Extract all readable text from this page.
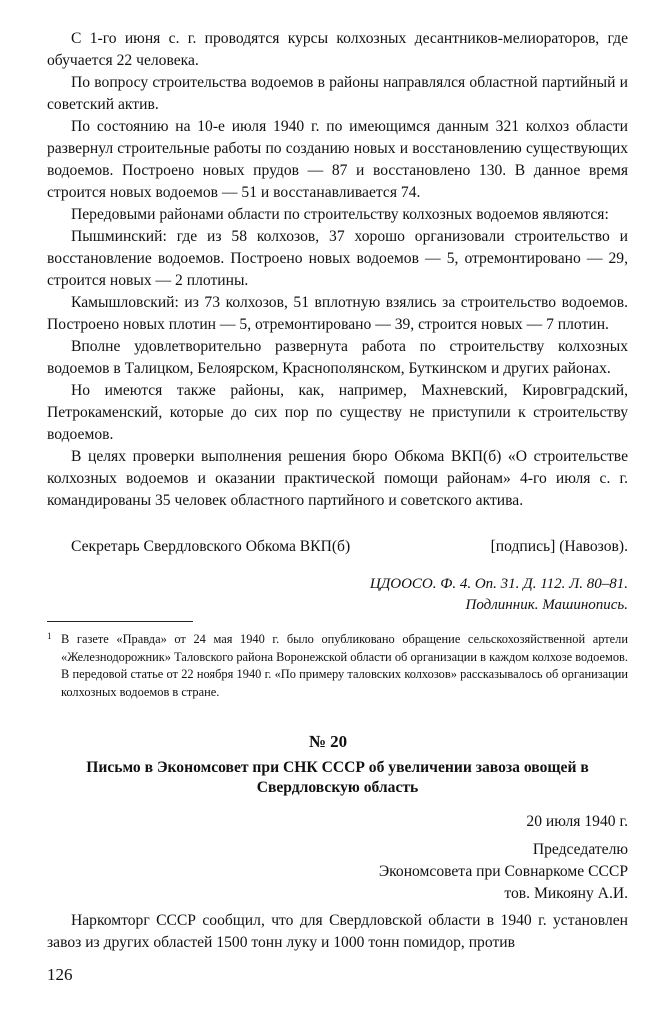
С 1-го июня с. г. проводятся курсы колхозных десантников-мелиораторов, где обучается 22 человека.

По вопросу строительства водоемов в районы направлялся областной партийный и советский актив.

По состоянию на 10-е июля 1940 г. по имеющимся данным 321 колхоз области развернул строительные работы по созданию новых и восстановлению существующих водоемов. Построено новых прудов — 87 и восстановлено 130. В данное время строится новых водоемов — 51 и восстанавливается 74.

Передовыми районами области по строительству колхозных водоемов являются:

Пышминский: где из 58 колхозов, 37 хорошо организовали строительство и восстановление водоемов. Построено новых водоемов — 5, отремонтировано — 29, строится новых — 2 плотины.

Камышловский: из 73 колхозов, 51 вплотную взялись за строительство водоемов. Построено новых плотин — 5, отремонтировано — 39, строится новых — 7 плотин.

Вполне удовлетворительно развернута работа по строительству колхозных водоемов в Талицком, Белоярском, Краснополянском, Буткинском и других районах.

Но имеются также районы, как, например, Махневский, Кировградский, Петрокаменский, которые до сих пор по существу не приступили к строительству водоемов.

В целях проверки выполнения решения бюро Обкома ВКП(б) «О строительстве колхозных водоемов и оказании практической помощи районам» 4-го июля с. г. командированы 35 человек областного партийного и советского актива.

Секретарь Свердловского Обкома ВКП(б)	[подпись] (Навозов).
ЦДООСО. Ф. 4. Оп. 31. Д. 112. Л. 80–81.
Подлинник. Машинопись.
1 В газете «Правда» от 24 мая 1940 г. было опубликовано обращение сельскохозяйственной артели «Железнодорожник» Таловского района Воронежской области об организации в каждом колхозе водоемов. В передовой статье от 22 ноября 1940 г. «По примеру таловских колхозов» рассказывалось об организации колхозных водоемов в стране.
№ 20
Письмо в Экономсовет при СНК СССР об увеличении завоза овощей в Свердловскую область
20 июля 1940 г.
Председателю
Экономсовета при Совнаркоме СССР
тов. Микояну А.И.

Наркомторг СССР сообщил, что для Свердловской области в 1940 г. установлен завоз из других областей 1500 тонн луку и 1000 тонн помидор, против

126
